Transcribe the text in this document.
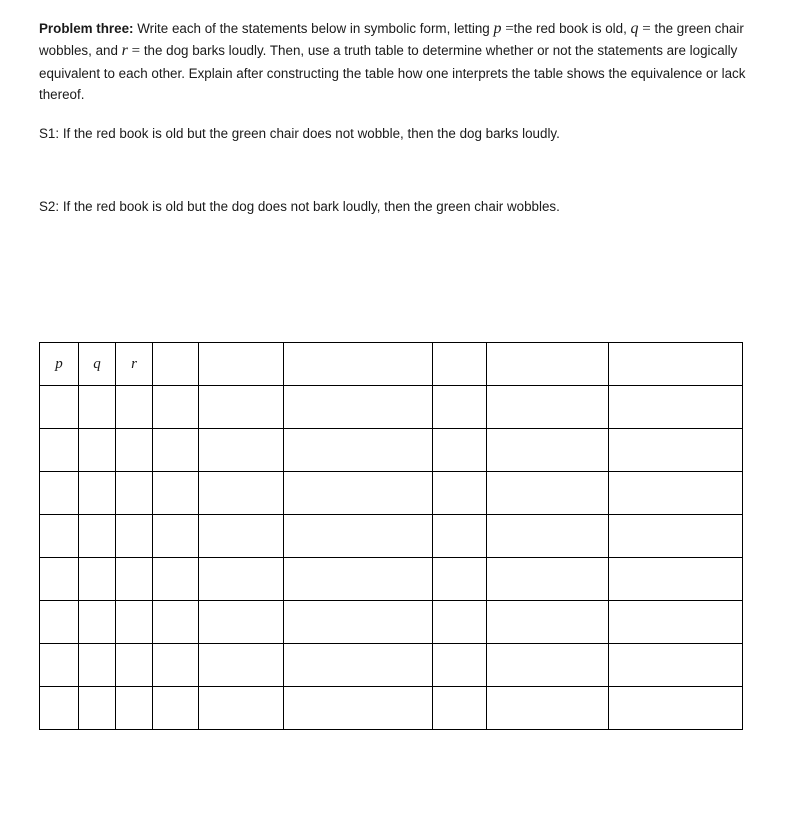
Problem three: Write each of the statements below in symbolic form, letting p =the red book is old, q = the green chair wobbles, and r = the dog barks loudly. Then, use a truth table to determine whether or not the statements are logically equivalent to each other. Explain after constructing the table how one interprets the table shows the equivalence or lack thereof.
S1: If the red book is old but the green chair does not wobble, then the dog barks loudly.
S2: If the red book is old but the dog does not bark loudly, then the green chair wobbles.
p	q	r						
